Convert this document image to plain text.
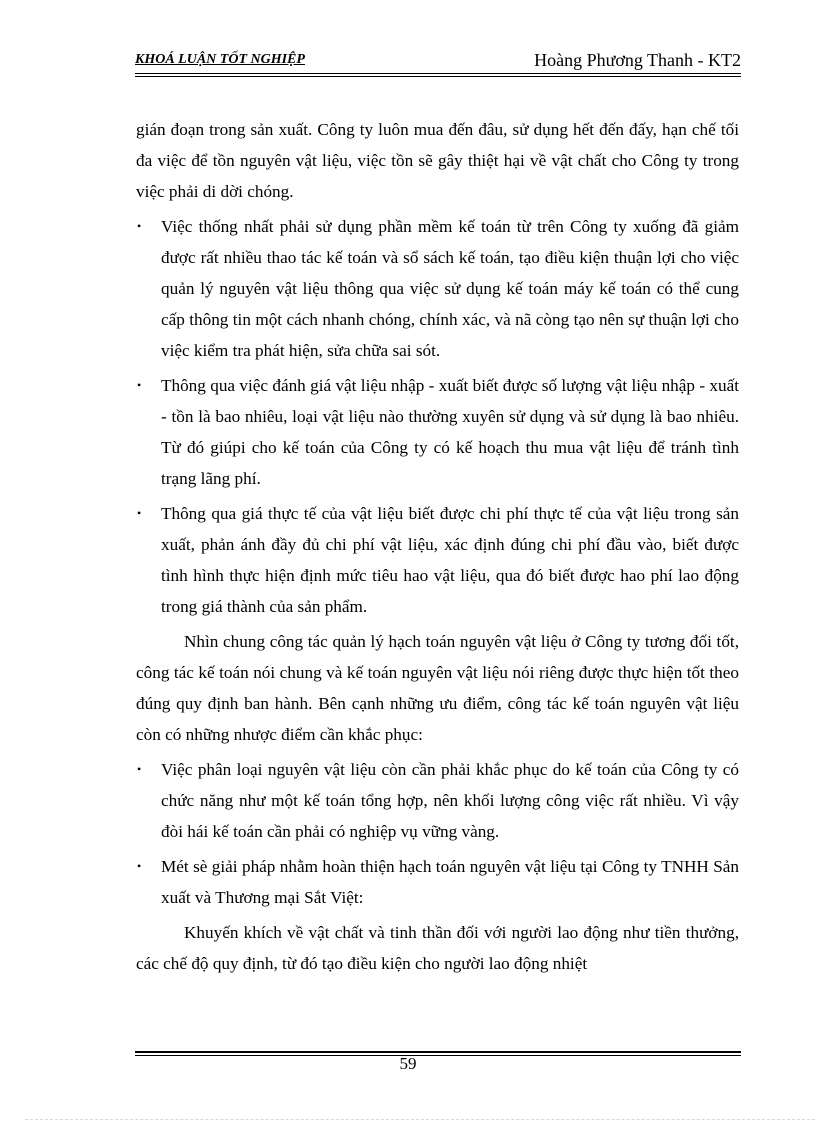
KHOÁ LUẬN TỐT NGHIỆP	Hoàng Phương Thanh - KT2

gián đoạn trong sản xuất. Công ty luôn mua đến đâu, sử dụng hết đến đấy, hạn chế tối đa việc để tồn nguyên vật liệu, việc tồn sẽ gây thiệt hại về vật chất cho Công ty trong việc phải di dời chóng.

• Việc thống nhất phải sử dụng phần mềm kế toán từ trên Công ty xuống đã giảm được rất nhiều thao tác kế toán và sổ sách kế toán, tạo điều kiện thuận lợi cho việc quản lý nguyên vật liệu thông qua việc sử dụng kế toán máy kế toán có thể cung cấp thông tin một cách nhanh chóng, chính xác, và nã còng tạo nên sự thuận lợi cho việc kiểm tra phát hiện, sửa chữa sai sót.

• Thông qua việc đánh giá vật liệu nhập - xuất biết được số lượng vật liệu nhập - xuất - tồn là bao nhiêu, loại vật liệu nào thường xuyên sử dụng và sử dụng là bao nhiêu. Từ đó giúpi cho kế toán của Công ty có kế hoạch thu mua vật liệu để tránh tình trạng lãng phí.

• Thông qua giá thực tế của vật liệu biết được chi phí thực tế của vật liệu trong sản xuất, phản ánh đầy đủ chi phí vật liệu, xác định đúng chi phí đầu vào, biết được tình hình thực hiện định mức tiêu hao vật liệu, qua đó biết được hao phí lao động trong giá thành của sản phẩm.

Nhìn chung công tác quản lý hạch toán nguyên vật liệu ở Công ty tương đối tốt, công tác kế toán nói chung và kế toán nguyên vật liệu nói riêng được thực hiện tốt theo đúng quy định ban hành. Bên cạnh những ưu điểm, công tác kế toán nguyên vật liệu còn có những nhược điểm cần khắc phục:

• Việc phân loại nguyên vật liệu còn cần phải khắc phục do kế toán của Công ty có chức năng như một kế toán tổng hợp, nên khối lượng công việc rất nhiều. Vì vậy đòi hái kế toán cần phải có nghiệp vụ vững vàng.

• Mét sè giải pháp nhằm hoàn thiện hạch toán nguyên vật liệu tại Công ty TNHH Sản xuất và Thương mại Sắt Việt:

Khuyến khích về vật chất và tinh thần đối với người lao động như tiền thưởng, các chế độ quy định, từ đó tạo điều kiện cho người lao động nhiệt

59
